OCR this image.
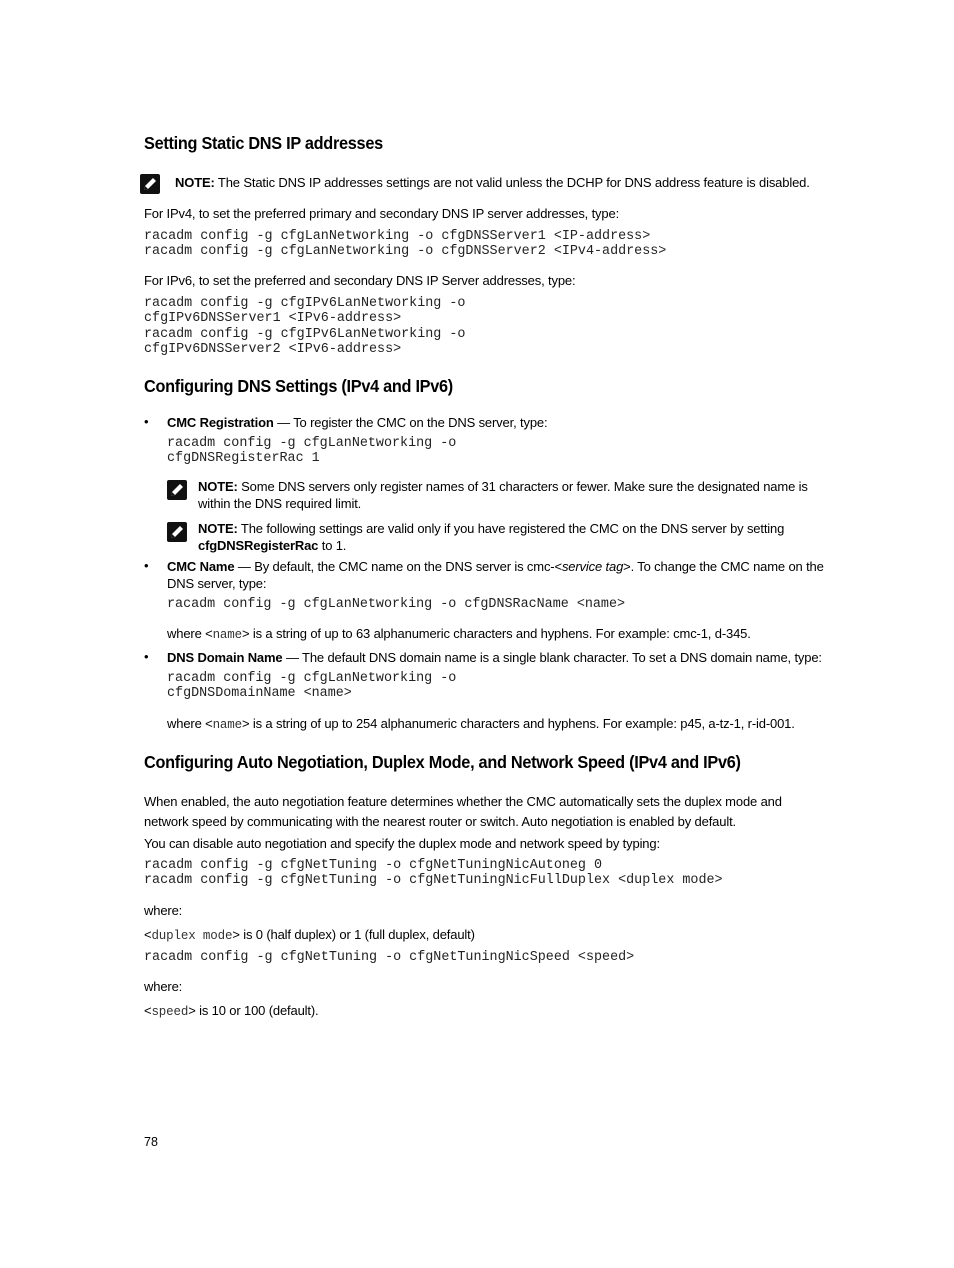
Setting Static DNS IP addresses

NOTE: The Static DNS IP addresses settings are not valid unless the DCHP for DNS address feature is disabled.

For IPv4, to set the preferred primary and secondary DNS IP server addresses, type:

racadm config -g cfgLanNetworking -o cfgDNSServer1 <IP-address>
racadm config -g cfgLanNetworking -o cfgDNSServer2 <IPv4-address>

For IPv6, to set the preferred and secondary DNS IP Server addresses, type:

racadm config -g cfgIPv6LanNetworking -o
cfgIPv6DNSServer1 <IPv6-address>
racadm config -g cfgIPv6LanNetworking -o
cfgIPv6DNSServer2 <IPv6-address>
Configuring DNS Settings (IPv4 and IPv6)
• CMC Registration — To register the CMC on the DNS server, type:

racadm config -g cfgLanNetworking -o
cfgDNSRegisterRac 1

NOTE: Some DNS servers only register names of 31 characters or fewer. Make sure the designated name is within the DNS required limit.

NOTE: The following settings are valid only if you have registered the CMC on the DNS server by setting cfgDNSRegisterRac to 1.

• CMC Name — By default, the CMC name on the DNS server is cmc-<service tag>. To change the CMC name on the DNS server, type:

racadm config -g cfgLanNetworking -o cfgDNSRacName <name>

where <name> is a string of up to 63 alphanumeric characters and hyphens. For example: cmc-1, d-345.

• DNS Domain Name — The default DNS domain name is a single blank character. To set a DNS domain name, type:

racadm config -g cfgLanNetworking -o
cfgDNSDomainName <name>

where <name> is a string of up to 254 alphanumeric characters and hyphens. For example: p45, a-tz-1, r-id-001.

Configuring Auto Negotiation, Duplex Mode, and Network Speed (IPv4 and IPv6)

When enabled, the auto negotiation feature determines whether the CMC automatically sets the duplex mode and network speed by communicating with the nearest router or switch. Auto negotiation is enabled by default.

You can disable auto negotiation and specify the duplex mode and network speed by typing:

racadm config -g cfgNetTuning -o cfgNetTuningNicAutoneg 0
racadm config -g cfgNetTuning -o cfgNetTuningNicFullDuplex <duplex mode>

where:

<duplex mode> is 0 (half duplex) or 1 (full duplex, default)

racadm config -g cfgNetTuning -o cfgNetTuningNicSpeed <speed>

where:

<speed> is 10 or 100 (default).

78
